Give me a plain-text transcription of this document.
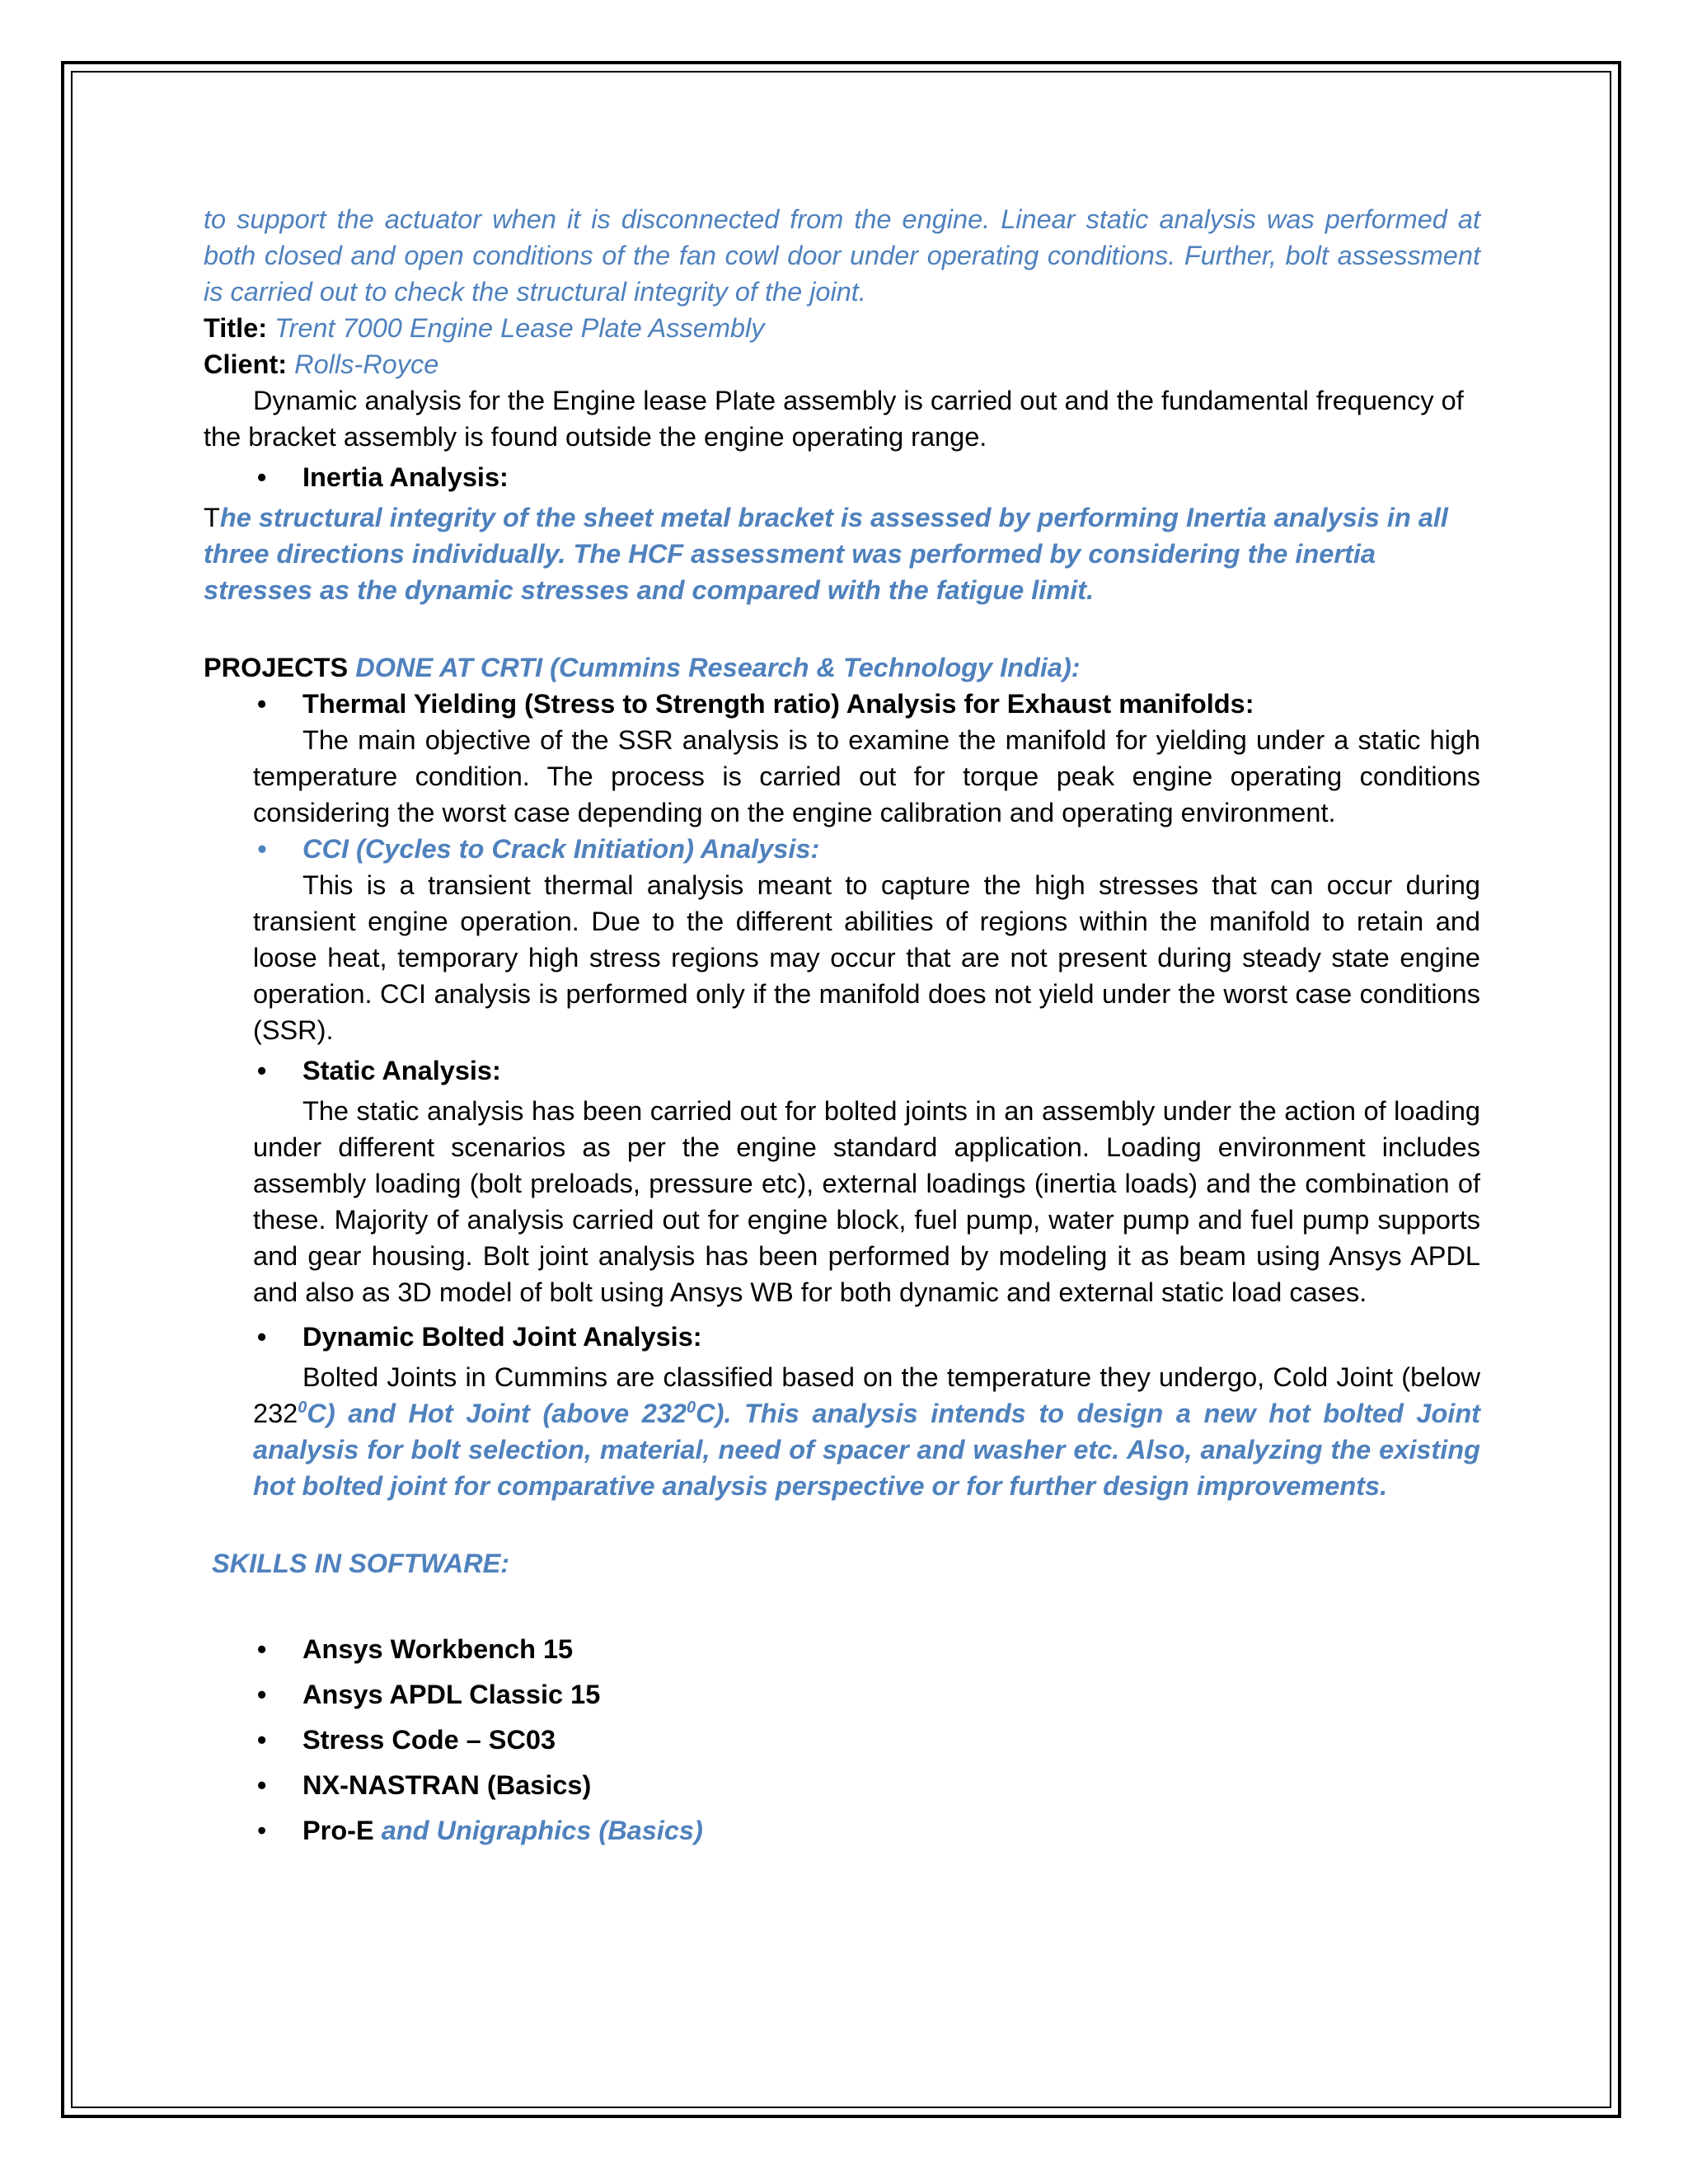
to support the actuator when it is disconnected from the engine. Linear static analysis was performed at both closed and open conditions of the fan cowl door under operating conditions. Further, bolt assessment is carried out to check the structural integrity of the joint.

Title: Trent 7000 Engine Lease Plate Assembly

Client: Rolls-Royce

Dynamic analysis for the Engine lease Plate assembly is carried out and the fundamental frequency of the bracket assembly is found outside the engine operating range.

• Inertia Analysis:

The structural integrity of the sheet metal bracket is assessed by performing Inertia analysis in all three directions individually. The HCF assessment was performed by considering the inertia stresses as the dynamic stresses and compared with the fatigue limit.

PROJECTS DONE AT CRTI (Cummins Research & Technology India):

• Thermal Yielding (Stress to Strength ratio) Analysis for Exhaust manifolds:

The main objective of the SSR analysis is to examine the manifold for yielding under a static high temperature condition. The process is carried out for torque peak engine operating conditions considering the worst case depending on the engine calibration and operating environment.

• CCI (Cycles to Crack Initiation) Analysis:

This is a transient thermal analysis meant to capture the high stresses that can occur during transient engine operation. Due to the different abilities of regions within the manifold to retain and loose heat, temporary high stress regions may occur that are not present during steady state engine operation. CCI analysis is performed only if the manifold does not yield under the worst case conditions (SSR).

• Static Analysis:

The static analysis has been carried out for bolted joints in an assembly under the action of loading under different scenarios as per the engine standard application. Loading environment includes assembly loading (bolt preloads, pressure etc), external loadings (inertia loads) and the combination of these. Majority of analysis carried out for engine block, fuel pump, water pump and fuel pump supports and gear housing. Bolt joint analysis has been performed by modeling it as beam using Ansys APDL and also as 3D model of bolt using Ansys WB for both dynamic and external static load cases.

• Dynamic Bolted Joint Analysis:

Bolted Joints in Cummins are classified based on the temperature they undergo, Cold Joint (below $232^0C$) and Hot Joint (above $232^0C$). This analysis intends to design a new hot bolted Joint analysis for bolt selection, material, need of spacer and washer etc. Also, analyzing the existing hot bolted joint for comparative analysis perspective or for further design improvements.

SKILLS IN SOFTWARE:

• Ansys Workbench 15

• Ansys APDL Classic 15

• Stress Code – SC03

• NX-NASTRAN (Basics)

• Pro-E and Unigraphics (Basics)
